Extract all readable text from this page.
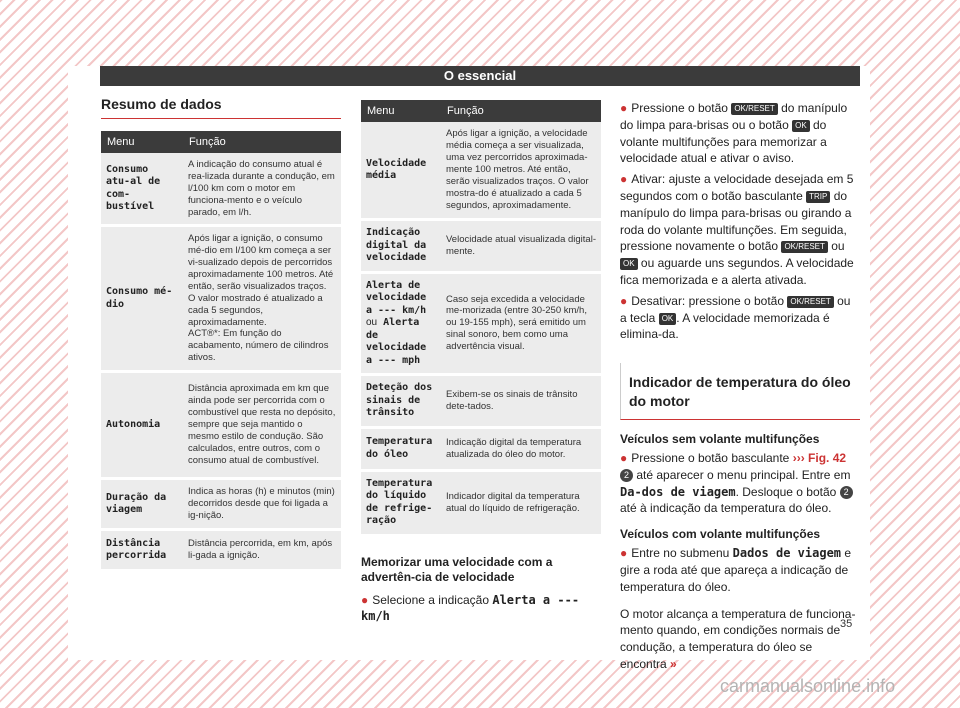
O essencial
Resumo de dados
Menu	Função
Consumo atu-al de com-bustível	A indicação do consumo atual é rea-lizada durante a condução, em l/100 km com o motor em funciona-mento e o veículo parado, em l/h.
Consumo mé-dio	Após ligar a ignição, o consumo mé-dio em l/100 km começa a ser vi-sualizado depois de percorridos aproximadamente 100 metros. Até então, serão visualizados traços. O valor mostrado é atualizado a cada 5 segundos, aproximadamente.
ACT®*: Em função do acabamento, número de cilindros ativos.
Autonomia	Distância aproximada em km que ainda pode ser percorrida com o combustível que resta no depósito, sempre que seja mantido o mesmo estilo de condução. São calculados, entre outros, com o consumo atual de combustível.
Duração da viagem	Indica as horas (h) e minutos (min) decorridos desde que foi ligada a ig-nição.
Distância percorrida	Distância percorrida, em km, após li-gada a ignição.
Menu	Função
Velocidade média	Após ligar a ignição, a velocidade média começa a ser visualizada, uma vez percorridos aproximada-mente 100 metros. Até então, serão visualizados traços. O valor mostra-do é atualizado a cada 5 segundos, aproximadamente.
Indicação digital da velocidade	Velocidade atual visualizada digital-mente.
Alerta de velocidade a --- km/h ou Alerta de velocidade a --- mph	Caso seja excedida a velocidade me-morizada (entre 30-250 km/h, ou 19-155 mph), será emitido um sinal sonoro, bem como uma advertência visual.
Deteção dos sinais de trânsito	Exibem-se os sinais de trânsito dete-tados.
Temperatura do óleo	Indicação digital da temperatura atualizada do óleo do motor.
Temperatura do líquido de refrige-ração	Indicador digital da temperatura atual do líquido de refrigeração.
Memorizar uma velocidade com a advertên-cia de velocidade

● Selecione a indicação Alerta a --- km/h

● Pressione o botão OK/RESET do manípulo do limpa para-brisas ou o botão OK do volante multifunções para memorizar a velocidade atual e ativar o aviso.

● Ativar: ajuste a velocidade desejada em 5 segundos com o botão basculante TRIP do manípulo do limpa para-brisas ou girando a roda do volante multifunções. Em seguida, pressione novamente o botão OK/RESET ou OK ou aguarde uns segundos. A velocidade fica memorizada e a alerta ativada.

● Desativar: pressione o botão OK/RESET ou a tecla OK . A velocidade memorizada é elimina-da.

Indicador de temperatura do óleo do motor
Veículos sem volante multifunções

● Pressione o botão basculante ››› Fig. 42 2 até aparecer o menu principal. Entre em Da-dos de viagem. Desloque o botão 2 até à indicação da temperatura do óleo.

Veículos com volante multifunções

● Entre no submenu Dados de viagem e gire a roda até que apareça a indicação de temperatura do óleo.

O motor alcança a temperatura de funciona-mento quando, em condições normais de condução, a temperatura do óleo se encontra »

35
carmanualsonline.info
